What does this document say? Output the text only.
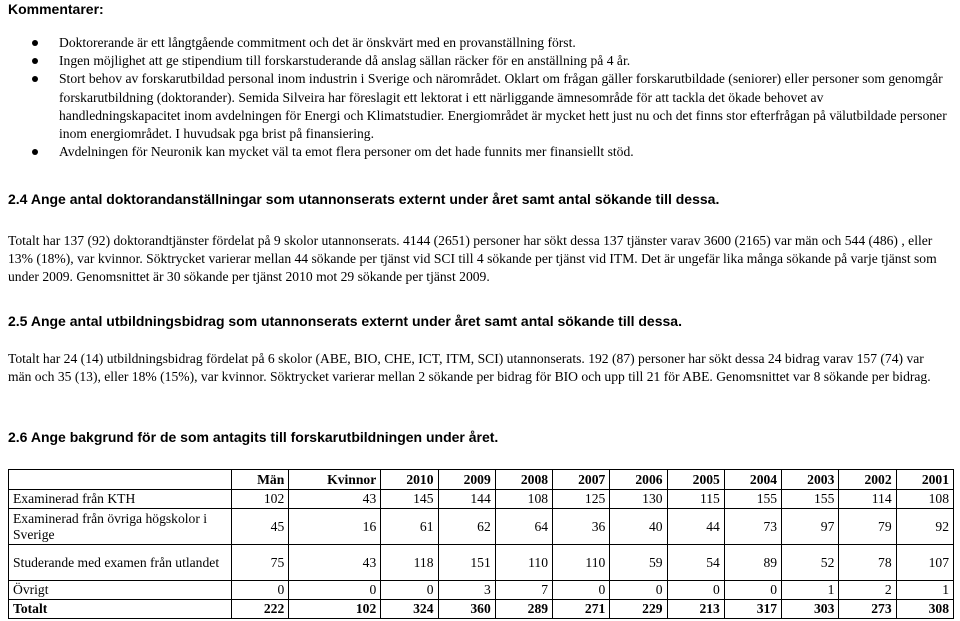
Kommentarer:
Doktorerande är ett långtgående commitment och det är önskvärt med en provanställning först.
Ingen möjlighet att ge stipendium till forskarstuderande då anslag sällan räcker för en anställning på 4 år.
Stort behov av forskarutbildad personal inom industrin i Sverige och närområdet. Oklart om frågan gäller forskarutbildade (seniorer) eller personer som genomgår forskarutbildning (doktorander). Semida Silveira har föreslagit ett lektorat i ett närliggande ämnesområde för att tackla det ökade behovet av handledningskapacitet inom avdelningen för Energi och Klimatstudier. Energiområdet är mycket hett just nu och det finns stor efterfrågan på välutbildade personer inom energiområdet. I huvudsak pga brist på finansiering.
Avdelningen för Neuronik kan mycket väl ta emot flera personer om det hade funnits mer finansiellt stöd.
2.4 Ange antal doktorandanställningar som utannonserats externt under året samt antal sökande till dessa.

Totalt har 137 (92) doktorandtjänster fördelat på 9 skolor utannonserats. 4144 (2651) personer har sökt dessa 137 tjänster varav 3600 (2165) var män och 544 (486) , eller 13% (18%), var kvinnor. Söktrycket varierar mellan 44 sökande per tjänst vid SCI till 4 sökande per tjänst vid ITM. Det är ungefär lika många sökande på varje tjänst som under 2009. Genomsnittet är 30 sökande per tjänst 2010 mot 29 sökande per tjänst 2009.

2.5 Ange antal utbildningsbidrag som utannonserats externt under året samt antal sökande till dessa.

Totalt har 24 (14) utbildningsbidrag fördelat på 6 skolor (ABE, BIO, CHE, ICT, ITM, SCI) utannonserats. 192 (87) personer har sökt dessa 24 bidrag varav 157 (74) var män och 35 (13), eller 18% (15%), var kvinnor. Söktrycket varierar mellan 2 sökande per bidrag för BIO och upp till 21 för ABE. Genomsnittet var 8 sökande per bidrag.

2.6 Ange bakgrund för de som antagits till forskarutbildningen under året.
	Män	Kvinnor	2010	2009	2008	2007	2006	2005	2004	2003	2002	2001
Examinerad från KTH	102	43	145	144	108	125	130	115	155	155	114	108
Examinerad från övriga högskolor i Sverige	45	16	61	62	64	36	40	44	73	97	79	92
Studerande med examen från utlandet	75	43	118	151	110	110	59	54	89	52	78	107
Övrigt	0	0	0	3	7	0	0	0	0	1	2	1
Totalt	222	102	324	360	289	271	229	213	317	303	273	308
